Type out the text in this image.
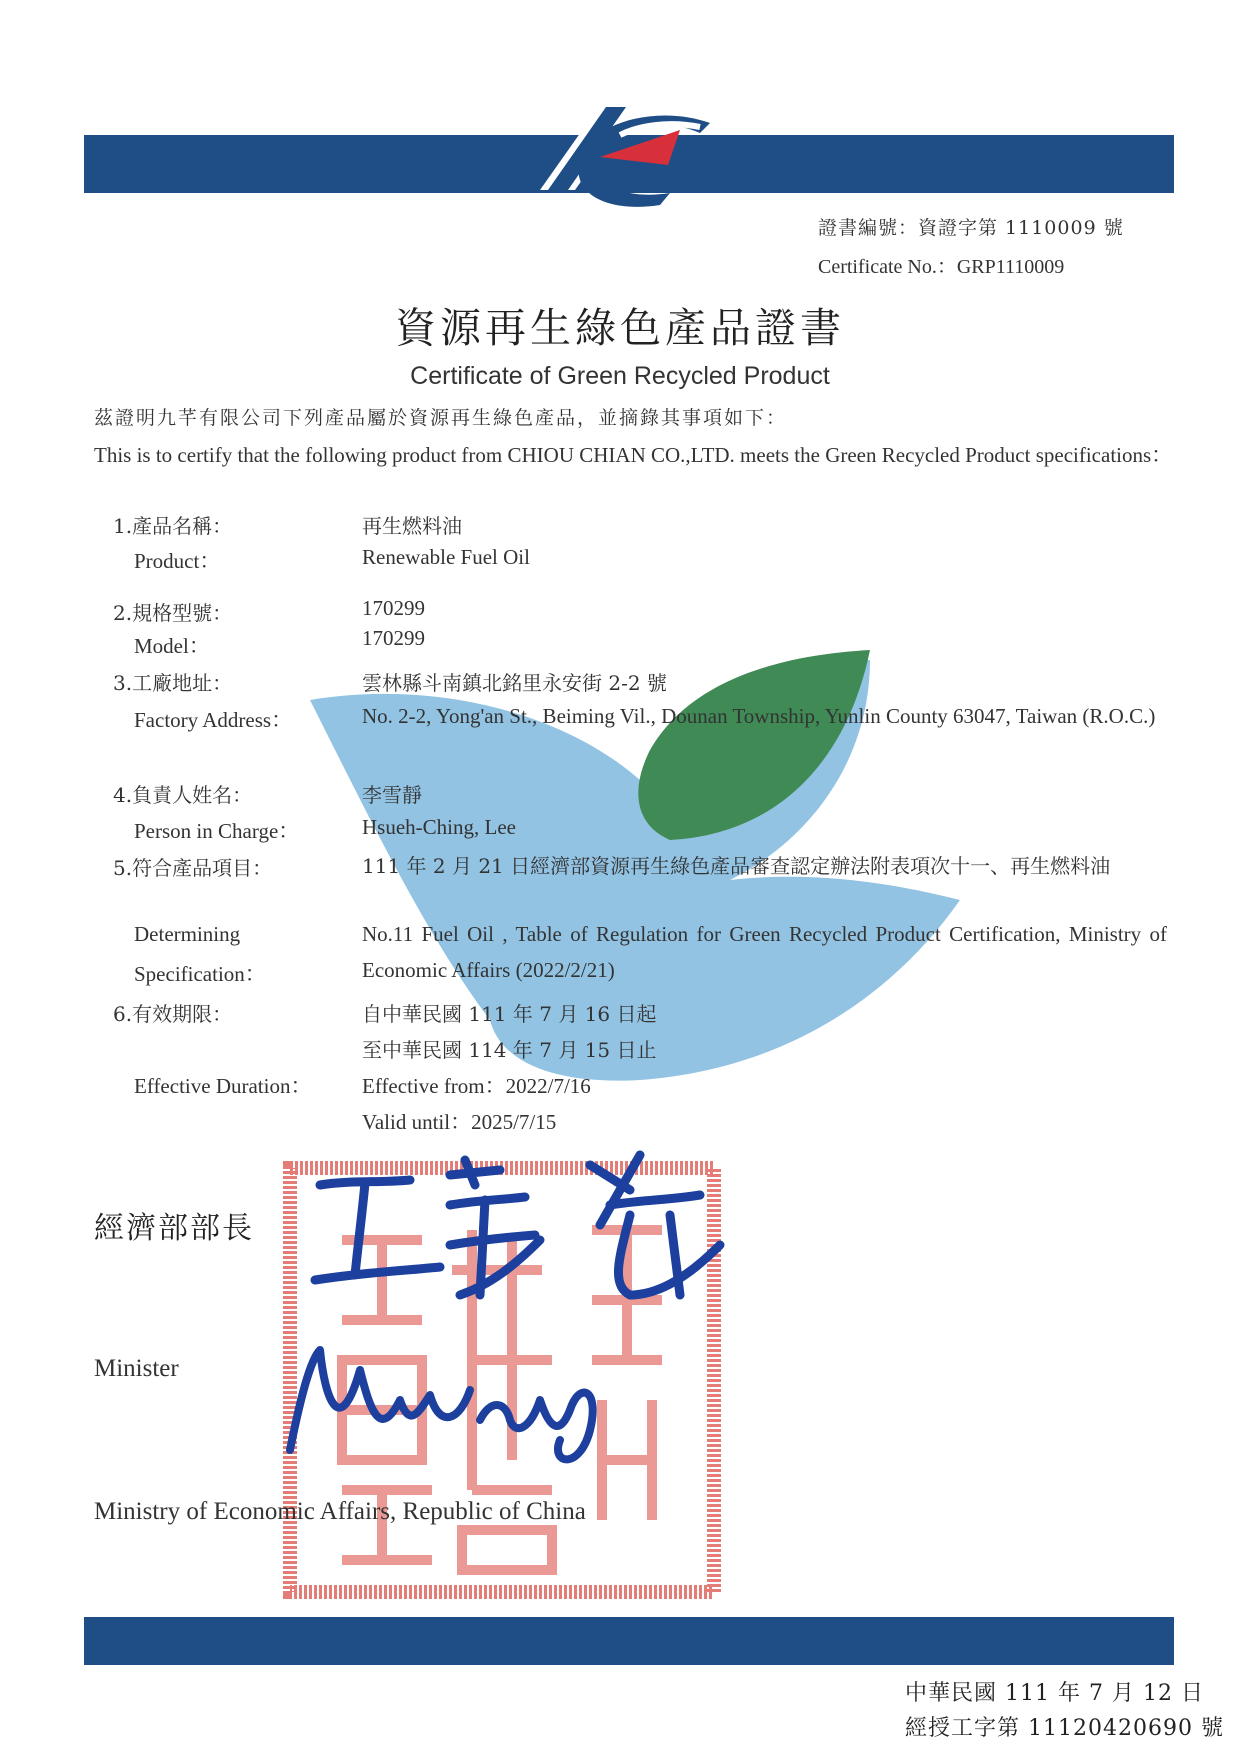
證書編號：資證字第 1110009 號
Certificate No.：GRP1110009
資源再生綠色產品證書
Certificate of Green Recycled Product
茲證明九芊有限公司下列產品屬於資源再生綠色產品，並摘錄其事項如下：
This is to certify that the following product from CHIOU CHIAN CO.,LTD. meets the Green Recycled Product specifications：
1.產品名稱：
Product：
再生燃料油
Renewable Fuel Oil
2.規格型號：
Model：
170299
170299
3.工廠地址：
Factory Address：
雲林縣斗南鎮北銘里永安街 2-2 號
No. 2-2, Yong'an St., Beiming Vil., Dounan Township, Yunlin County 63047, Taiwan (R.O.C.)
4.負責人姓名：
Person in Charge：
李雪靜
Hsueh-Ching, Lee
5.符合產品項目：	111 年 2 月 21 日經濟部資源再生綠色產品審查認定辦法附表項次十一、再生燃料油
Determining
Specification：
No.11 Fuel Oil , Table of Regulation for Green Recycled Product Certification, Ministry of Economic Affairs (2022/2/21)
6.有效期限：	自中華民國 111 年 7 月 16 日起
至中華民國 114 年 7 月 15 日止
Effective Duration： Effective from：2022/7/16
Valid until：2025/7/15
經濟部部長
Minister
Ministry of Economic Affairs, Republic of China
中華民國 111 年 7 月 12 日
經授工字第 11120420690 號
